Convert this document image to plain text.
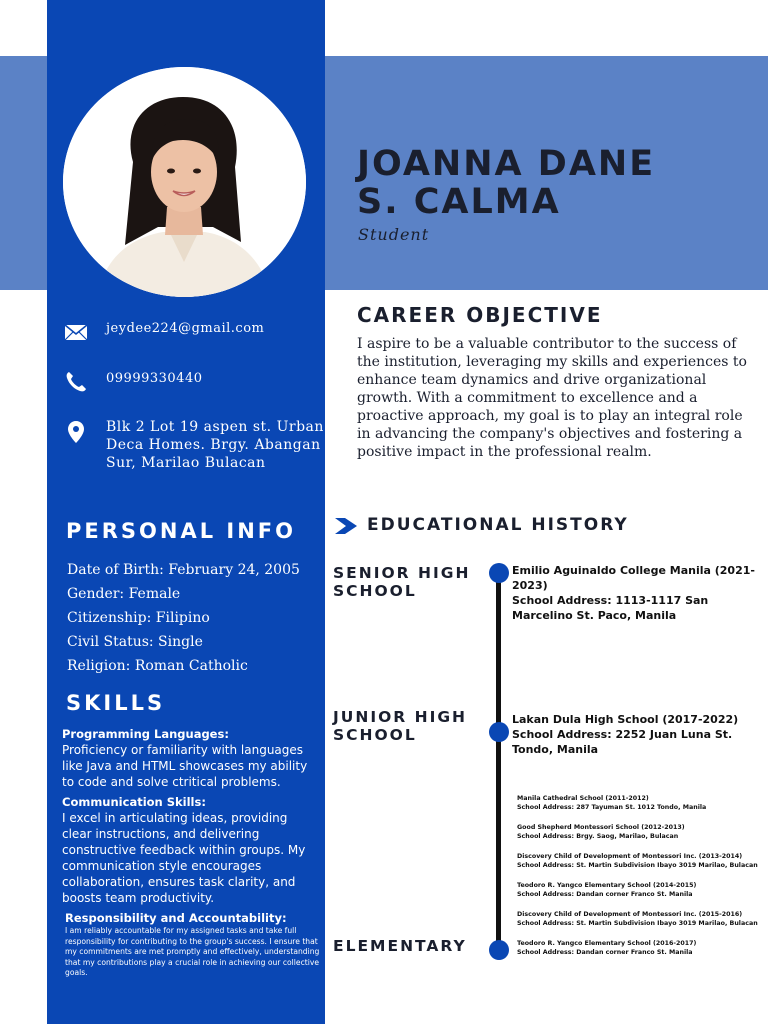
JOANNA DANE
S. CALMA
Student
jeydee224@gmail.com
09999330440
Blk 2 Lot 19 aspen st. Urban Deca Homes. Brgy. Abangan Sur, Marilao Bulacan
PERSONAL INFO
Date of Birth: February 24, 2005
Gender: Female
Citizenship: Filipino
Civil Status: Single
Religion: Roman Catholic
SKILLS
Programming Languages:
Proficiency or familiarity with languages like Java and HTML showcases my ability to code and solve ctritical problems.
Communication Skills:
I excel in articulating ideas, providing clear instructions, and delivering constructive feedback within groups. My communication style encourages collaboration, ensures task clarity, and boosts team productivity.
Responsibility and Accountability:
I am reliably accountable for my assigned tasks and take full responsibility for contributing to the group's success. I ensure that my commitments are met promptly and effectively, understanding that my contributions play a crucial role in achieving our collective goals.
CAREER OBJECTIVE
I aspire to be a valuable contributor to the success of the institution, leveraging my skills and experiences to enhance team dynamics and drive organizational growth. With a commitment to excellence and a proactive approach, my goal is to play an integral role in advancing the company's objectives and fostering a positive impact in the professional realm.
EDUCATIONAL HISTORY
SENIOR HIGH
SCHOOL
Emilio Aguinaldo College Manila (2021-2023)
School Address: 1113-1117 San Marcelino St. Paco, Manila
JUNIOR HIGH
SCHOOL
Lakan Dula High School (2017-2022)
School Address: 2252 Juan Luna St. Tondo, Manila
ELEMENTARY
Manila Cathedral School (2011-2012)
School Address: 287 Tayuman St. 1012 Tondo, Manila
Good Shepherd Montessori School (2012-2013)
School Address: Brgy. Saog, Marilao, Bulacan
Discovery Child of Development of Montessori Inc. (2013-2014)
School Address: St. Martin Subdivision Ibayo 3019 Marilao, Bulacan
Teodoro R. Yangco Elementary School (2014-2015)
School Address: Dandan corner Franco St. Manila
Discovery Child of Development of Montessori Inc. (2015-2016)
School Address: St. Martin Subdivision Ibayo 3019 Marilao, Bulacan
Teodoro R. Yangco Elementary School (2016-2017)
School Address: Dandan corner Franco St. Manila
